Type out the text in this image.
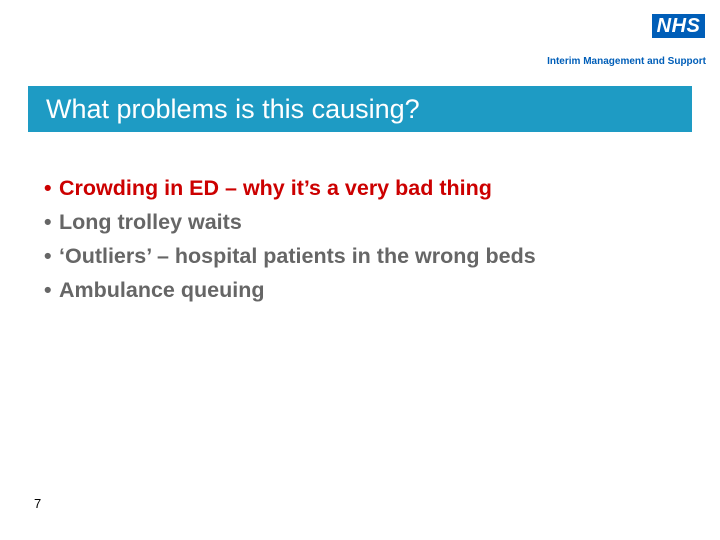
NHS
Interim Management and Support
What problems is this causing?
• Crowding in ED – why it’s a very bad thing
• Long trolley waits
• ‘Outliers’ – hospital patients in the wrong beds
• Ambulance queuing
7
